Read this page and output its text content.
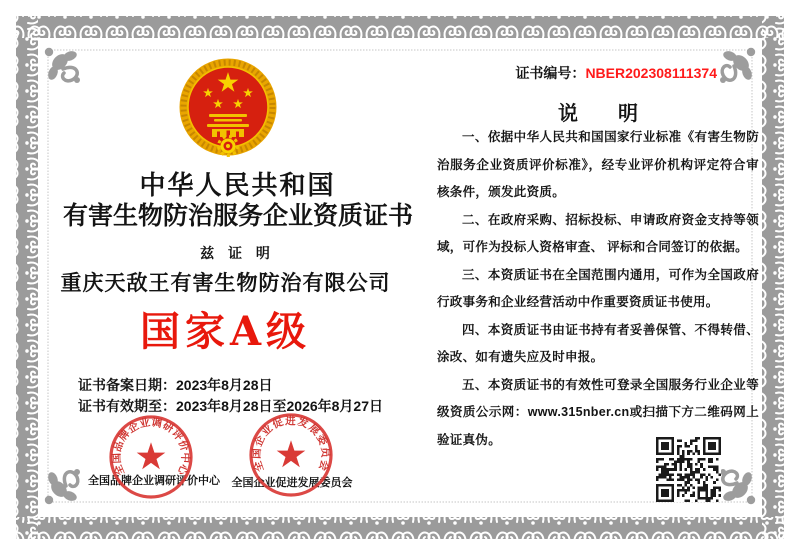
中华人民共和国
有害生物防治服务企业资质证书
兹 证 明
重庆天敌王有害生物防治有限公司
国家A级
证书备案日期：2023年8月28日
证书有效期至：2023年8月28日至2026年8月27日
全国品牌企业调研评价中心	全国企业促进发展委员会
全国品牌企业调研评价中心	全国企业促进发展委员会
证书编号：NBER202308111374
说　　明

一、依据中华人民共和国国家行业标准《有害生物防治服务企业资质评价标准》，经专业评价机构评定符合审核条件，颁发此资质。

二、在政府采购、招标投标、申请政府资金支持等领域，可作为投标人资格审查、 评标和合同签订的依据。

三、本资质证书在全国范围内通用，可作为全国政府行政事务和企业经营活动中作重要资质证书使用。

四、本资质证书由证书持有者妥善保管、不得转借、涂改、如有遗失应及时申报。

五、本资质证书的有效性可登录全国服务行业企业等级资质公示网：www.315nber.cn或扫描下方二维码网上验证真伪。
